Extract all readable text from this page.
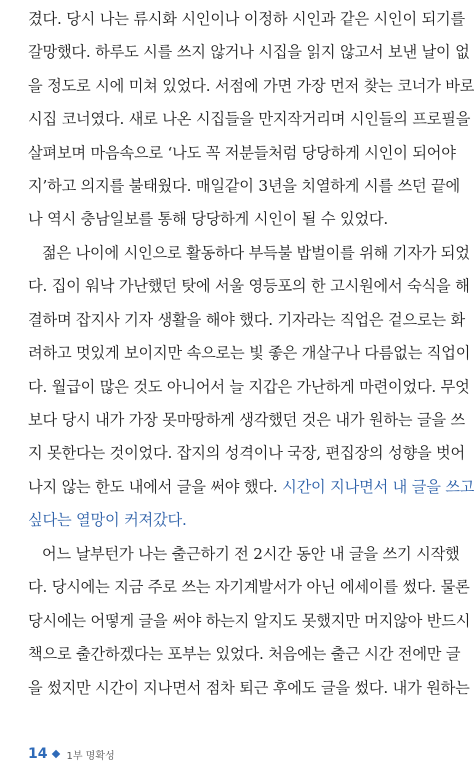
겼다. 당시 나는 류시화 시인이나 이정하 시인과 같은 시인이 되기를
갈망했다. 하루도 시를 쓰지 않거나 시집을 읽지 않고서 보낸 날이 없
을 정도로 시에 미쳐 있었다. 서점에 가면 가장 먼저 찾는 코너가 바로
시집 코너였다. 새로 나온 시집들을 만지작거리며 시인들의 프로필을
살펴보며 마음속으로 ‘나도 꼭 저분들처럼 당당하게 시인이 되어야
지’하고 의지를 불태웠다. 매일같이 3년을 치열하게 시를 쓰던 끝에
나 역시 충남일보를 통해 당당하게 시인이 될 수 있었다.
젊은 나이에 시인으로 활동하다 부득불 밥벌이를 위해 기자가 되었
다. 집이 워낙 가난했던 탓에 서울 영등포의 한 고시원에서 숙식을 해
결하며 잡지사 기자 생활을 해야 했다. 기자라는 직업은 겉으로는 화
려하고 멋있게 보이지만 속으로는 빛 좋은 개살구나 다름없는 직업이
다. 월급이 많은 것도 아니어서 늘 지갑은 가난하게 마련이었다. 무엇
보다 당시 내가 가장 못마땅하게 생각했던 것은 내가 원하는 글을 쓰
지 못한다는 것이었다. 잡지의 성격이나 국장, 편집장의 성향을 벗어
나지 않는 한도 내에서 글을 써야 했다. 시간이 지나면서 내 글을 쓰고
싶다는 열망이 커져갔다.
어느 날부턴가 나는 출근하기 전 2시간 동안 내 글을 쓰기 시작했
다. 당시에는 지금 주로 쓰는 자기계발서가 아닌 에세이를 썼다. 물론
당시에는 어떻게 글을 써야 하는지 알지도 못했지만 머지않아 반드시
책으로 출간하겠다는 포부는 있었다. 처음에는 출근 시간 전에만 글
을 썼지만 시간이 지나면서 점차 퇴근 후에도 글을 썼다. 내가 원하는
14 1부 명확성
